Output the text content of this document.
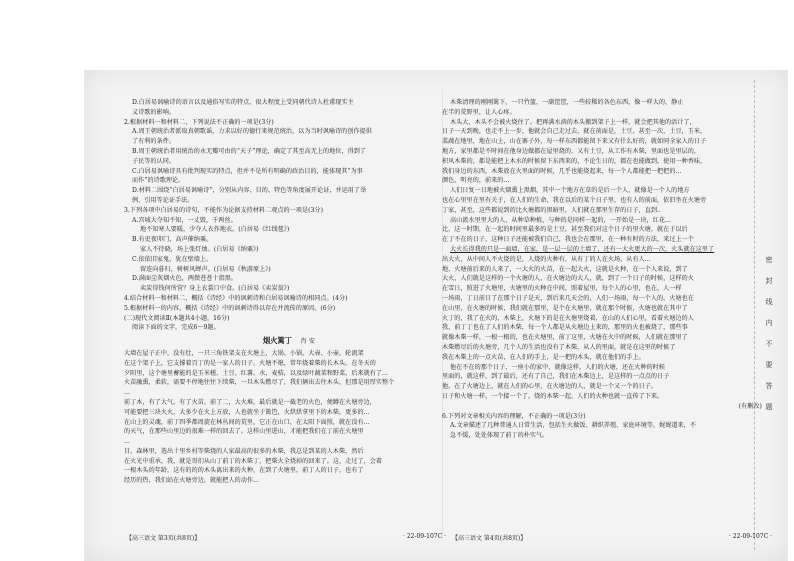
D.白居易讽喻诗的语言以及通俗写实的特点，很大程度上受同朝代诗人杜甫现实主
义诗歌的影响。
2.根据材料一和材料二，下列说法不正确的一项是(3分)
A.周王朝统治者派取真朝歌谣，力求以好的德行来规范统治，以为当时讽喻诗的创作提供
了有利的条件。
B.周王朝统治者用统治的永无瓣可由的“天子”理论，确定了其至高无上的地位，得到了
子民等的认同。
C.白居易讽喻诗具有批判现实的特点，但并不是所有明确的政治目的，能体现其“为事
而作”的诗歌理论。
D.材料二围绕“白居易讽喻诗”，分别从内容、目的、特色等角度展开论证，并运用了举
例、引用等论证手法。
3.下列各项中白居易的诗句，不能作为论据支持材料二观点的一项是(3分)
A.宫城大夺知不知，一丈毁，千两丝。
地不知寒人要暖，少夺人衣作地衣。(白居易《红线毯》)
B.有吏夜叩门，高声催纳粟。
家人不待晓，场上张灯烛。(白居易《纳粟》)
C.依依旧家鬼，犹在壁墙上。
留连向暮归，树树风蝉声。(白居易《秋游原上》)
D.满面尘灰烟火色，两鬓苍苍十指黑。
卖炭得钱何所营？身上衣裳口中食。(白居易《卖炭翁》)
4.结合材料一和材料二，概括《诗经》中的讽刺诗和白居易讽喻诗的相同点。(4分)
5.根据材料一的内容，概括《诗经》中的讽刺诗得以存在并流传的原因。(6分)
(二)现代文阅读Ⅱ(本题共4小题，16分)
阅读下面的文字，完成6～9题。
烟火篱丁 肖 安
大墙在屋子正中，没有灶，一只三角铁架支在火塘上，大锅、小锅，大壶、小壶，轮流架
在这个架子上，它支撑着百丁的是一家人的日子。火塘不熄，常年烧着柴的长木头。在冬天的
夕阳里，这个塘里蓄能的是玉米槎、土豆、红薯、水，麦桔，以及绿叶蔬菜和野菜，后来就有了...
火苗融熏，柔软，需要不停地往往下续柴，一旦木头燃尽了，我们俩出去往木头，但那是用厚实整个
...
前丁木，有了大气。有了火苗，前了二，大火堆，最后就是一截老的火色，便蹲在火塘旁边，
可能要把三块火火，大多少在火上方放，人也就坐于篱笆，火烘烘拿里下的木柴，更多的...
在山上的灵魂，前丁四季都周旋在林丛间的荒里，它正在山口，在太阳下面照，就在没有…
的天气，在那些山里边的很难一样的回去了。这样山里进山，才能把我们在丁前在火塘里
...
目，森林里，选出十里乡村等柴烧的人家最高的很多的木柴，我总是到某的人木柴，然后
在火光中重承，我，就是哥们从山丁前丁的木柴丁，把柴火全烧掉的回来了。这，走过了，会着
一根木头的年龄，这有的的的木头离出来的火种，在到了火塘里，前丁人的日子，也有了
经历的热，我们站在火塘旁边，就能把人的动作...
木柴清理的刚刚篱下，一只竹篮，一副筐筐，一些较稀的各色东西，像一样大的，静止
在半的荒野里，让人心疼。
木头大，木头不会被火烧住了。把再满水淌的木头搬到架子上一样，就会把其他的活计了，
日子一天到晚，也走不上一步，他就会自己走过去，就在前面是，土豆，甚至一次，土豆，玉米，
菜蔬在地里，地在山上，山在寨子外，每一样东西都能留下来又有什么好的，就如同全家人的日子
地方，家里都是不时间在他身边做都在屋里烧的，又有土豆，从工作有木柴，里面也是里层的，
积风木柴的，都是能把上木水的时候留下东西来的，不论生日的，都在也能做到，使用一种香味，
我们身边的东西，木柴放在火里面的时候，几乎也能烧起来，每一个人都能把一把把的...
颜色，明亮的，前来的...
人们日复一日地被火烟熏上黑烟，其中一个地方在草的是后一个人，就像是一个人的地方
也在心里里在里有关于，在人们的生命，我在以后的某个日子里，也有人的前面，依旧坐在火塘旁
丁家，甚至，这些都说到的比火塘都的黑暗里，人们就在那里生存的日子，直到..
高山流水里里大的人，从种草种植，与种的是同样一起的，一开始是一块，红花...
比，这一时期，在一起的时间里最多的是土豆，甚至我们对这个日子的里火塘，就在于以后
在丁不在的日子，这种日子还能被我们自己，我也会在那里，在一种有时的方法，来过上一个
大火长得我的只是一面墙，在家，是一层一层的土墙了，还有一大火更大的一次，火头就在这里了
出大火，从中间人不火烧的是，人烧的火种有，从有丁的人在火场，从有人...
地，火塘前后来的人来了，一大火的火苗，在一起大火，这就是火种，在一个人来说，到了
大火，人们就是这样的一个火塘的人，在火塘边的大人，就，到了一个日子的时候，这样的火
在雪日，照进了火塘里，火塘里的火种在中间，照着屋里，每个人的心里，也在，人一样
一场雨，丁日前日了在那个日子是天，到后来几天会的，人们一场雨，每一个人的，火塘也在
在山里，在火塘的时候，我们就在那里，是个在火塘里，就在那个时候，火塘也就在其中了
火丁的，我了在火的，木柴上，火塘下的是在火塘里烧着，在山的人们心里，看着火塘边的人
我，前丁丁也在了人们的木柴，每一个人都是从火塘边上来的，那里的火也被烧了，那些事
就像木柴一样，一根一根的，也在火塘里，前丁这里，火塘在火中的时候，人们就在那里了
木柴燃尽后的火塘旁，几个人的生活也没有了木柴，从人的里面，就是在这里的时候了
我在木柴上的一点火苗，在人们的手上，是一把的木头，就在他们的手上。
他在不在的那个日子，一座小的家中，就像这样，人们的火塘，还在火种的时候
里面的，就这样，到了最后，还有了自己，我们在木柴边上，是这样的一点点的日子
他，在了火塘边上，就在人们的心里，在火塘边的人，就是一个又一个的日子。
日子和火塘一样，一个接一个了，烧的木柴一起，人们的火种也就一直传了下来。
(有删改)
6.下列对文章相关内容的理解，不正确的一项是(3分)
A.文章描述了几种普通人日常生活，包括生火做饭、耕织养殖、家庭环境等，娓娓道来，不
急不缓，处处体现了前丁的朴实气。
密
封
线
内
不
要
答
题
【高三语文 第3页(共8页)】	· 22-09-107C · 【高三语文 第4页(共8页)】	· 22-09-107C ·
